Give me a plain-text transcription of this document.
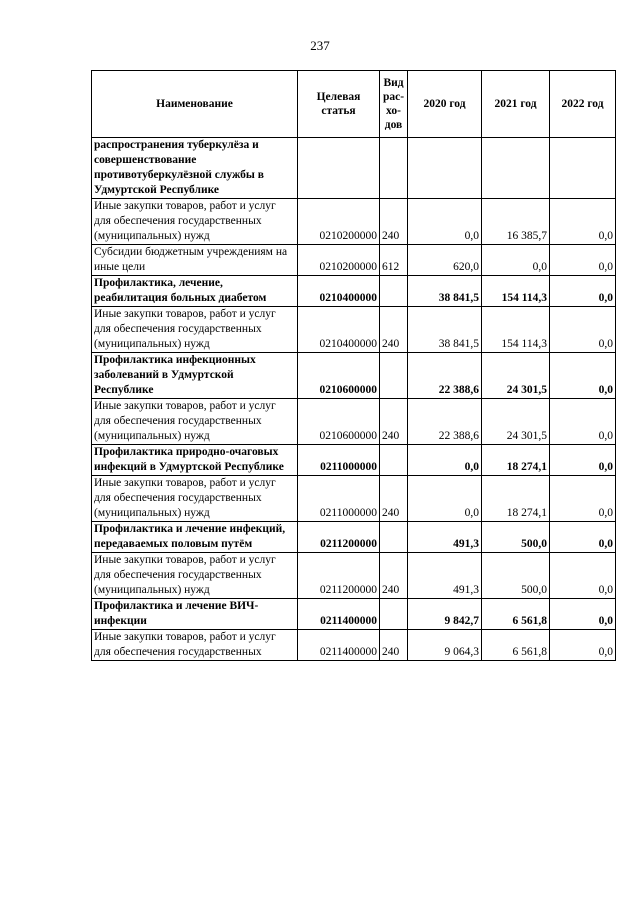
237
Наименование	Целевая статья	Вид рас-хо-дов	2020 год	2021 год	2022 год
распространения туберкулёза и совершенствование противотуберкулёзной службы в Удмуртской Республике					
Иные закупки товаров, работ и услуг для обеспечения государственных (муниципальных) нужд	0210200000	240	0,0	16 385,7	0,0
Субсидии бюджетным учреждениям на иные цели	0210200000	612	620,0	0,0	0,0
Профилактика, лечение, реабилитация больных диабетом	0210400000		38 841,5	154 114,3	0,0
Иные закупки товаров, работ и услуг для обеспечения государственных (муниципальных) нужд	0210400000	240	38 841,5	154 114,3	0,0
Профилактика инфекционных заболеваний в Удмуртской Республике	0210600000		22 388,6	24 301,5	0,0
Иные закупки товаров, работ и услуг для обеспечения государственных (муниципальных) нужд	0210600000	240	22 388,6	24 301,5	0,0
Профилактика природно-очаговых инфекций в Удмуртской Республике	0211000000		0,0	18 274,1	0,0
Иные закупки товаров, работ и услуг для обеспечения государственных (муниципальных) нужд	0211000000	240	0,0	18 274,1	0,0
Профилактика и лечение инфекций, передаваемых половым путём	0211200000		491,3	500,0	0,0
Иные закупки товаров, работ и услуг для обеспечения государственных (муниципальных) нужд	0211200000	240	491,3	500,0	0,0
Профилактика и лечение ВИЧ-инфекции	0211400000		9 842,7	6 561,8	0,0
Иные закупки товаров, работ и услуг для обеспечения государственных	0211400000	240	9 064,3	6 561,8	0,0
